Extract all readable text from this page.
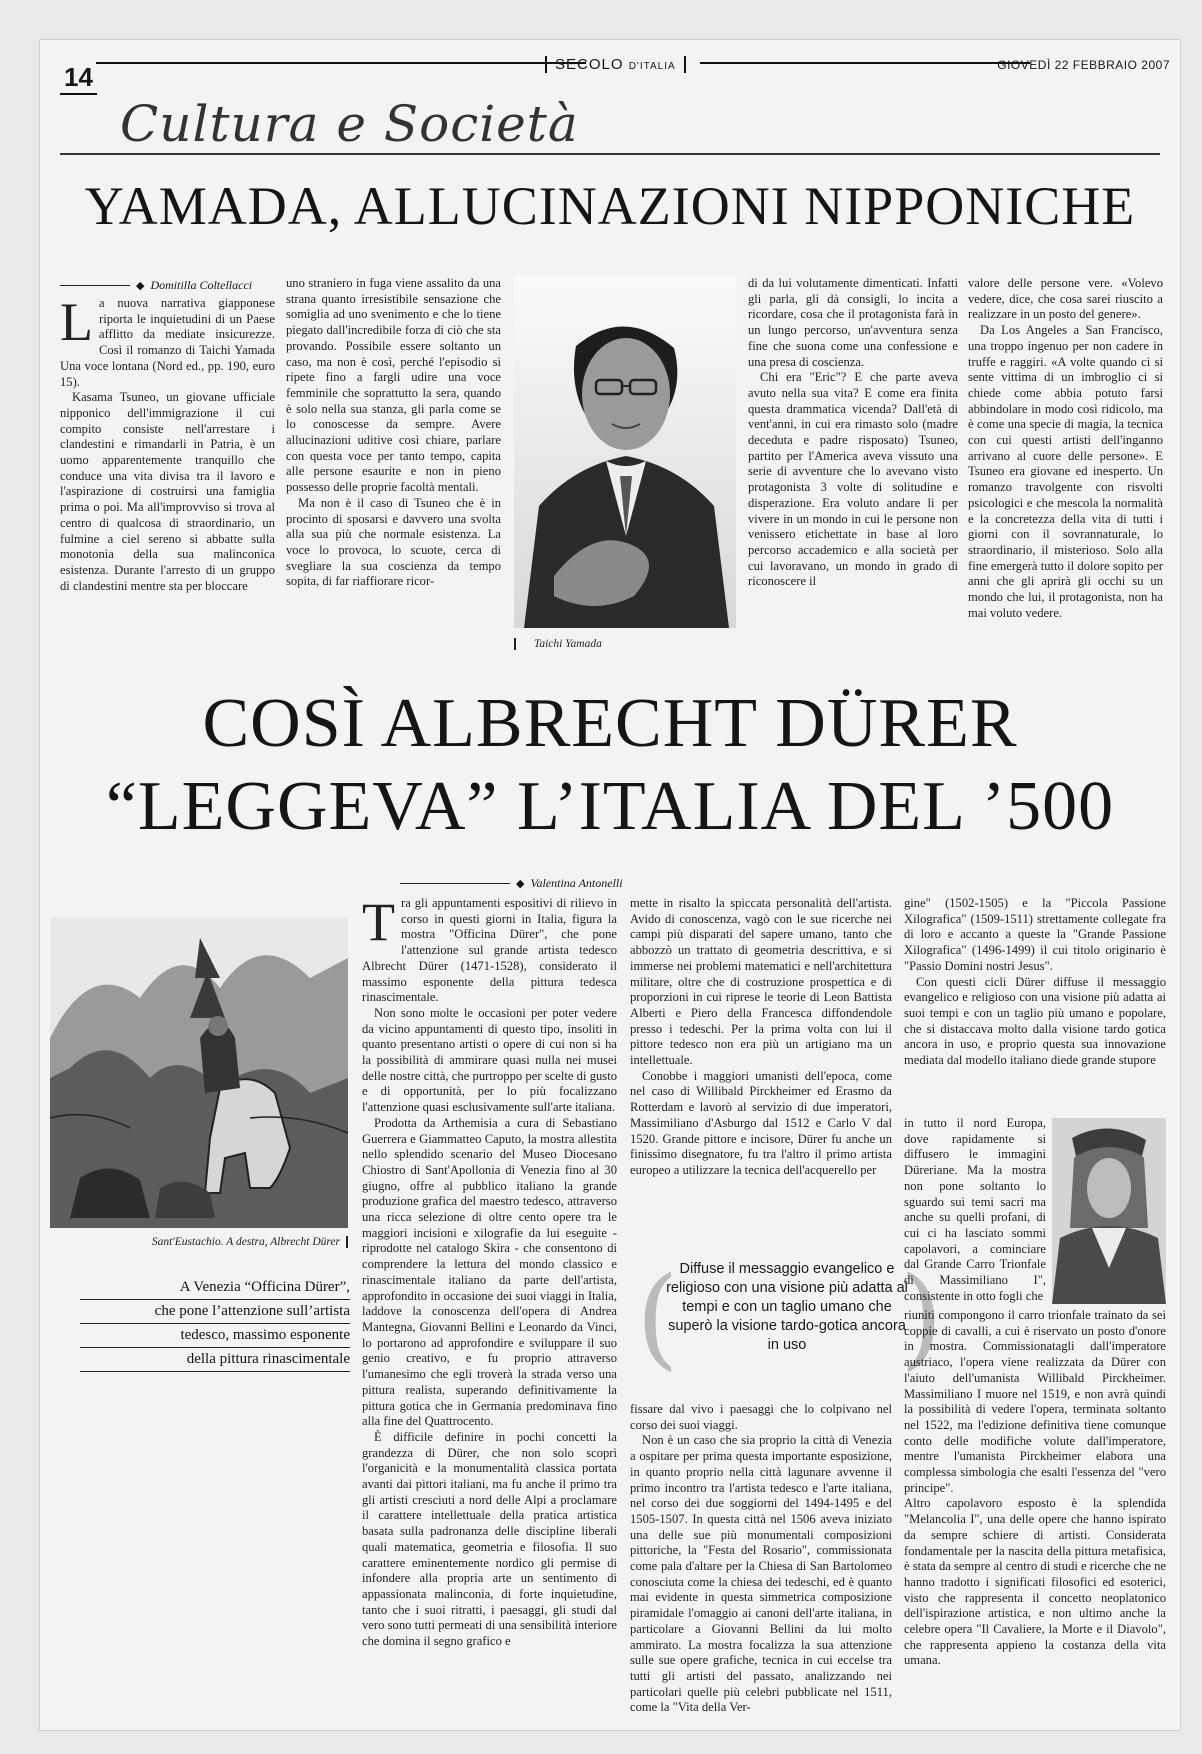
14	SECOLO D'ITALIA	GIOVEDÌ 22 FEBBRAIO 2007
Cultura e Società
YAMADA, ALLUCINAZIONI NIPPONICHE
◆ Domitilla Coltellacci
L a nuova narrativa giapponese riporta le inquietudini di un Paese afflitto da mediate insicurezze. Così il romanzo di Taichi Yamada Una voce lontana (Nord ed., pp. 190, euro 15).

Kasama Tsuneo, un giovane ufficiale nipponico dell'immigrazione il cui compito consiste nell'arrestare i clandestini e rimandarli in Patria, è un uomo apparentemente tranquillo che conduce una vita divisa tra il lavoro e l'aspirazione di costruirsi una famiglia prima o poi. Ma all'improvviso si trova al centro di qualcosa di straordinario, un fulmine a ciel sereno si abbatte sulla monotonia della sua malinconica esistenza. Durante l'arresto di un gruppo di clandestini mentre sta per bloccare

uno straniero in fuga viene assalito da una strana quanto irresistibile sensazione che somiglia ad uno svenimento e che lo tiene piegato dall'incredibile forza di ciò che sta provando. Possibile essere soltanto un caso, ma non è così, perché l'episodio si ripete fino a fargli udire una voce femminile che soprattutto la sera, quando è solo nella sua stanza, gli parla come se lo conoscesse da sempre. Avere allucinazioni uditive così chiare, parlare con questa voce per tanto tempo, capita alle persone esaurite e non in pieno possesso delle proprie facoltà mentali.

Ma non è il caso di Tsuneo che è in procinto di sposarsi e davvero una svolta alla sua più che normale esistenza. La voce lo provoca, lo scuote, cerca di svegliare la sua coscienza da tempo sopita, di far riaffiorare ricor-

Taichi Yamada

di da lui volutamente dimenticati. Infatti gli parla, gli dà consigli, lo incita a ricordare, cosa che il protagonista farà in un lungo percorso, un'avventura senza fine che suona come una confessione e una presa di coscienza.

Chi era "Eric"? E che parte aveva avuto nella sua vita? E come era finita questa drammatica vicenda? Dall'età di vent'anni, in cui era rimasto solo (madre deceduta e padre risposato) Tsuneo, partito per l'America aveva vissuto una serie di avventure che lo avevano visto protagonista 3 volte di solitudine e disperazione. Era voluto andare li per vivere in un mondo in cui le persone non venissero etichettate in base al loro percorso accademico e alla società per cui lavoravano, un mondo in grado di riconoscere il

valore delle persone vere. «Volevo vedere, dice, che cosa sarei riuscito a realizzare in un posto del genere».

Da Los Angeles a San Francisco, una troppo ingenuo per non cadere in truffe e raggiri. «A volte quando ci si sente vittima di un imbroglio ci si chiede come abbia potuto farsi abbindolare in modo così ridicolo, ma è come una specie di magia, la tecnica con cui questi artisti dell'inganno arrivano al cuore delle persone». E Tsuneo era giovane ed inesperto. Un romanzo travolgente con risvolti psicologici e che mescola la normalità e la concretezza della vita di tutti i giorni con il sovrannaturale, lo straordinario, il misterioso. Solo alla fine emergerà tutto il dolore sopito per anni che gli aprirà gli occhi su un mondo che lui, il protagonista, non ha mai voluto vedere.

COSÌ ALBRECHT DÜRER
“LEGGEVA” L’ITALIA DEL ’500
◆ Valentina Antonelli
Sant'Eustachio. A destra, Albrecht Dürer
A Venezia “Officina Dürer”,
che pone l’attenzione sull’artista
tedesco, massimo esponente
della pittura rinascimentale
T ra gli appuntamenti espositivi di rilievo in corso in questi giorni in Italia, figura la mostra "Officina Dürer", che pone l'attenzione sul grande artista tedesco Albrecht Dürer (1471-1528), considerato il massimo esponente della pittura tedesca rinascimentale.

Non sono molte le occasioni per poter vedere da vicino appuntamenti di questo tipo, insoliti in quanto presentano artisti o opere di cui non si ha la possibilità di ammirare quasi nulla nei musei delle nostre città, che purtroppo per scelte di gusto e di opportunità, per lo più focalizzano l'attenzione quasi esclusivamente sull'arte italiana.

Prodotta da Arthemisia a cura di Sebastiano Guerrera e Giammatteo Caputo, la mostra allestita nello splendido scenario del Museo Diocesano Chiostro di Sant'Apollonia di Venezia fino al 30 giugno, offre al pubblico italiano la grande produzione grafica del maestro tedesco, attraverso una ricca selezione di oltre cento opere tra le maggiori incisioni e xilografie da lui eseguite - riprodotte nel catalogo Skira - che consentono di comprendere la lettura del mondo classico e rinascimentale italiano da parte dell'artista, approfondito in occasione dei suoi viaggi in Italia, laddove la conoscenza dell'opera di Andrea Mantegna, Giovanni Bellini e Leonardo da Vinci, lo portarono ad approfondire e sviluppare il suo genio creativo, e fu proprio attraverso l'umanesimo che egli troverà la strada verso una pittura realista, superando definitivamente la pittura gotica che in Germania predominava fino alla fine del Quattrocento.

È difficile definire in pochi concetti la grandezza di Dürer, che non solo scoprì l'organicità e la monumentalità classica portata avanti dai pittori italiani, ma fu anche il primo tra gli artisti cresciuti a nord delle Alpi a proclamare il carattere intellettuale della pratica artistica basata sulla padronanza delle discipline liberali quali matematica, geometria e filosofia. Il suo carattere eminentemente nordico gli permise di infondere alla propria arte un sentimento di appassionata malinconia, di forte inquietudine, tanto che i suoi ritratti, i paesaggi, gli studi dal vero sono tutti permeati di una sensibilità interiore che domina il segno grafico e

mette in risalto la spiccata personalità dell'artista. Avido di conoscenza, vagò con le sue ricerche nei campi più disparati del sapere umano, tanto che abbozzò un trattato di geometria descrittiva, e si immerse nei problemi matematici e nell'architettura militare, oltre che di costruzione prospettica e di proporzioni in cui riprese le teorie di Leon Battista Alberti e Piero della Francesca diffondendole presso i tedeschi. Per la prima volta con lui il pittore tedesco non era più un artigiano ma un intellettuale.

Conobbe i maggiori umanisti dell'epoca, come nel caso di Willibald Pirckheimer ed Erasmo da Rotterdam e lavorò al servizio di due imperatori, Massimiliano d'Asburgo dal 1512 e Carlo V dal 1520. Grande pittore e incisore, Dürer fu anche un finissimo disegnatore, fu tra l'altro il primo artista europeo a utilizzare la tecnica dell'acquerello per

( Diffuse il messaggio evangelico e religioso con una visione più adatta ai tempi e con un taglio umano che superò la visione tardo-gotica ancora in uso )

fissare dal vivo i paesaggi che lo colpivano nel corso dei suoi viaggi.

Non è un caso che sia proprio la città di Venezia a ospitare per prima questa importante esposizione, in quanto proprio nella città lagunare avvenne il primo incontro tra l'artista tedesco e l'arte italiana, nel corso dei due soggiorni del 1494-1495 e del 1505-1507. In questa città nel 1506 aveva iniziato una delle sue più monumentali composizioni pittoriche, la "Festa del Rosario", commissionata come pala d'altare per la Chiesa di San Bartolomeo conosciuta come la chiesa dei tedeschi, ed è quanto mai evidente in questa simmetrica composizione piramidale l'omaggio ai canoni dell'arte italiana, in particolare a Giovanni Bellini da lui molto ammirato. La mostra focalizza la sua attenzione sulle sue opere grafiche, tecnica in cui eccelse tra tutti gli artisti del passato, analizzando nei particolari quelle più celebri pubblicate nel 1511, come la "Vita della Ver-

gine" (1502-1505) e la "Piccola Passione Xilografica" (1509-1511) strettamente collegate fra di loro e accanto a queste la "Grande Passione Xilografica" (1496-1499) il cui titolo originario è "Passio Domini nostri Jesus".

Con questi cicli Dürer diffuse il messaggio evangelico e religioso con una visione più adatta ai suoi tempi e con un taglio più umano e popolare, che si distaccava molto dalla visione tardo gotica ancora in uso, e proprio questa sua innovazione mediata dal modello italiano diede grande stupore

in tutto il nord Europa, dove rapidamente si diffusero le immagini Düreriane. Ma la mostra non pone soltanto lo sguardo sui temi sacri ma anche su quelli profani, di cui ci ha lasciato sommi capolavori, a cominciare dal Grande Carro Trionfale di Massimiliano I", consistente in otto fogli che

riuniti compongono il carro trionfale trainato da sei coppie di cavalli, a cui è riservato un posto d'onore in mostra. Commissionatagli dall'imperatore austriaco, l'opera viene realizzata da Dürer con l'aiuto dell'umanista Willibald Pirckheimer. Massimiliano I muore nel 1519, e non avrà quindi la possibilità di vedere l'opera, terminata soltanto nel 1522, ma l'edizione definitiva tiene comunque conto delle modifiche volute dall'imperatore, mentre l'umanista Pirckheimer elabora una complessa simbologia che esalti l'essenza del "vero principe".

Altro capolavoro esposto è la splendida "Melancolia I", una delle opere che hanno ispirato da sempre schiere di artisti. Considerata fondamentale per la nascita della pittura metafisica, è stata da sempre al centro di studi e ricerche che ne hanno tradotto i significati filosofici ed esoterici, visto che rappresenta il concetto neoplatonico dell'ispirazione artistica, e non ultimo anche la celebre opera "Il Cavaliere, la Morte e il Diavolo", che rappresenta appieno la costanza della vita umana.
